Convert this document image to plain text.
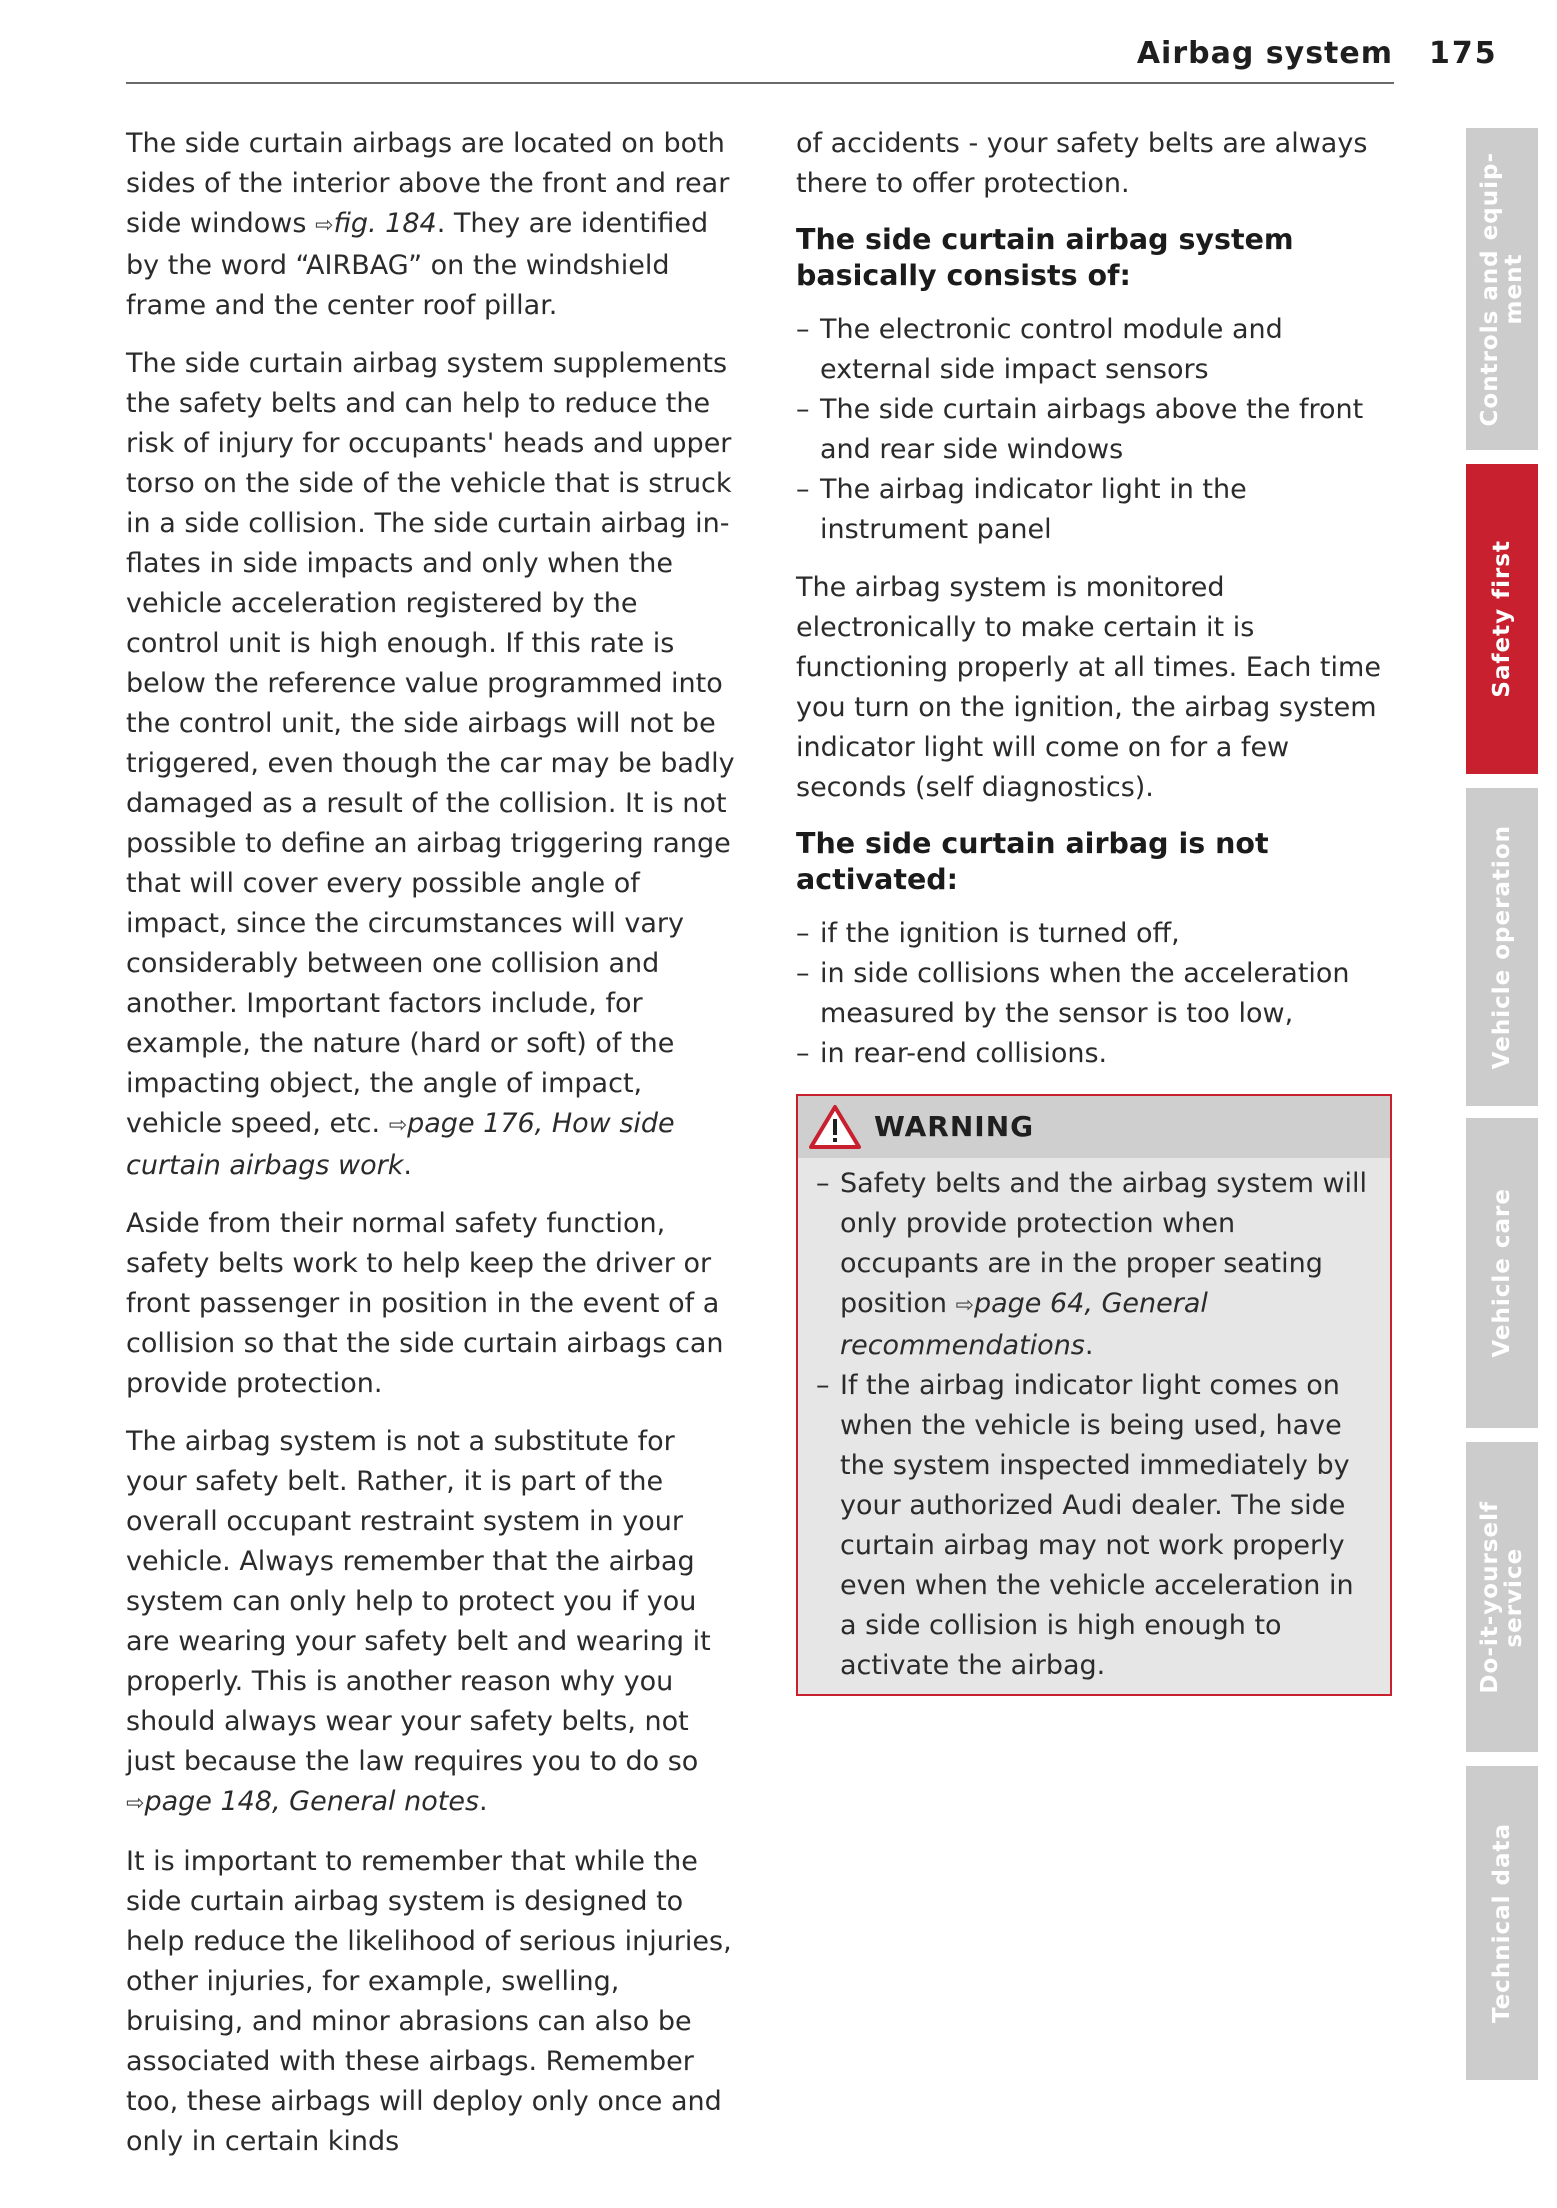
Airbag system 175

The side curtain airbags are located on both sides of the interior above the front and rear side windows ⇨fig. 184. They are identified by the word “AIRBAG” on the windshield frame and the center roof pillar.

The side curtain airbag system supplements the safety belts and can help to reduce the risk of injury for occupants' heads and upper torso on the side of the vehicle that is struck in a side collision. The side curtain airbag inflates in side impacts and only when the vehicle acceleration registered by the control unit is high enough. If this rate is below the reference value programmed into the control unit, the side airbags will not be triggered, even though the car may be badly damaged as a result of the collision. It is not possible to define an airbag triggering range that will cover every possible angle of impact, since the circumstances will vary considerably between one collision and another. Important factors include, for example, the nature (hard or soft) of the impacting object, the angle of impact, vehicle speed, etc. ⇨page 176, How side curtain airbags work.

Aside from their normal safety function, safety belts work to help keep the driver or front passenger in position in the event of a collision so that the side curtain airbags can provide protection.

The airbag system is not a substitute for your safety belt. Rather, it is part of the overall occupant restraint system in your vehicle. Always remember that the airbag system can only help to protect you if you are wearing your safety belt and wearing it properly. This is another reason why you should always wear your safety belts, not just because the law requires you to do so ⇨page 148, General notes.

It is important to remember that while the side curtain airbag system is designed to help reduce the likelihood of serious injuries, other injuries, for example, swelling, bruising, and minor abrasions can also be associated with these airbags. Remember too, these airbags will deploy only once and only in certain kinds

of accidents - your safety belts are always there to offer protection.

The side curtain airbag system basically consists of:
– The electronic control module and external side impact sensors
– The side curtain airbags above the front and rear side windows
– The airbag indicator light in the instrument panel

The airbag system is monitored electronically to make certain it is functioning properly at all times. Each time you turn on the ignition, the airbag system indicator light will come on for a few seconds (self diagnostics).

The side curtain airbag is not activated:
– if the ignition is turned off,
– in side collisions when the acceleration measured by the sensor is too low,
– in rear-end collisions.
WARNING
– Safety belts and the airbag system will only provide protection when occupants are in the proper seating position ⇨page 64, General recommendations.
– If the airbag indicator light comes on when the vehicle is being used, have the system inspected immediately by your authorized Audi dealer. The side curtain airbag may not work properly even when the vehicle acceleration in a side collision is high enough to activate the airbag.
Controls and equip-
ment
Safety first
Vehicle operation
Vehicle care
Do-it-yourself
service
Technical data
